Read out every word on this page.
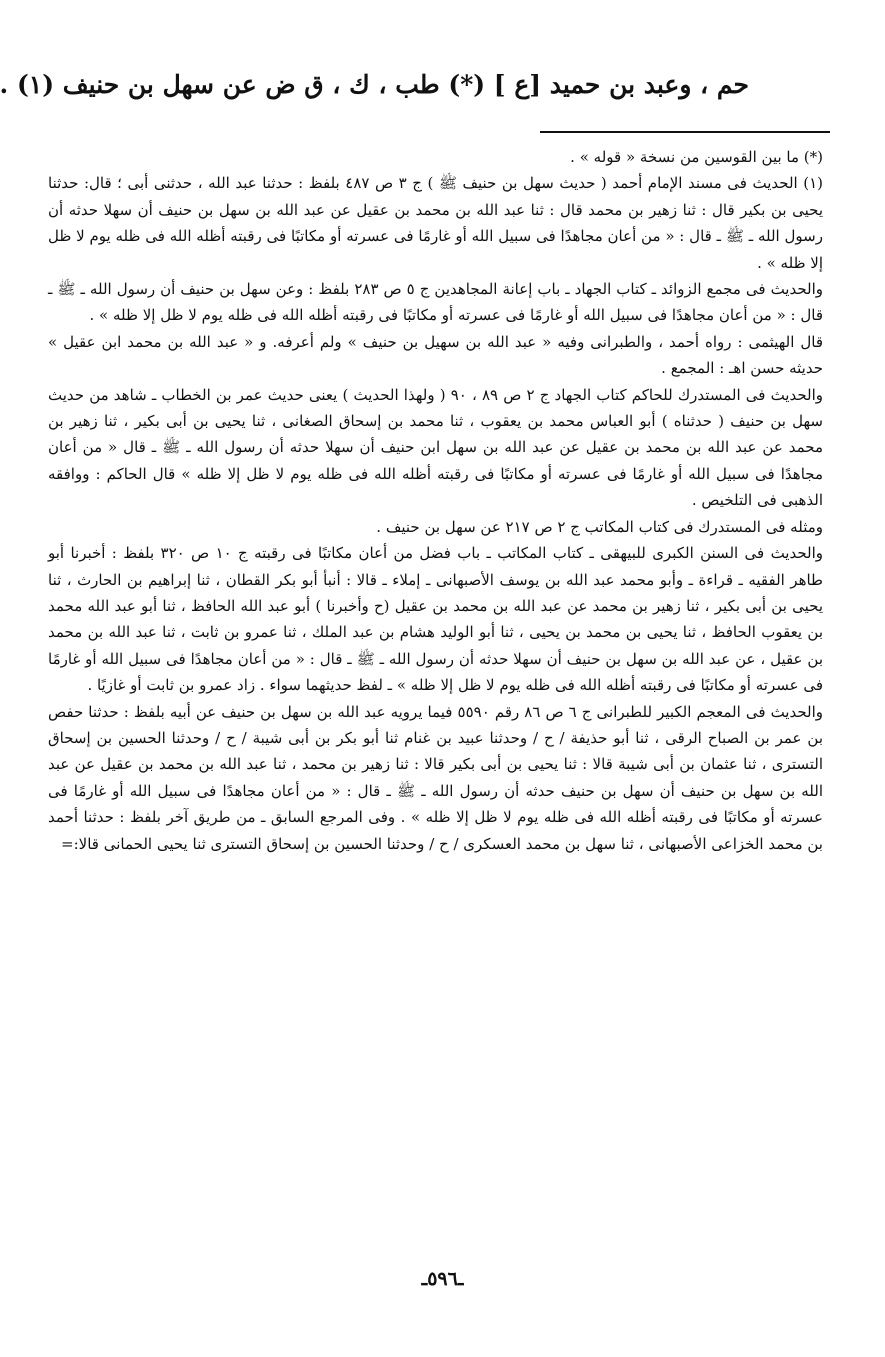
حم ، وعبد بن حميد [ع ] (*) طب ، ك ، ق ض عن سهل بن حنيف (١) .

(*) ما بين القوسين من نسخة « قوله » .

(١) الحديث فى مسند الإمام أحمد ( حديث سهل بن حنيف ﷺ ) ج ٣ ص ٤٨٧ بلفظ : حدثنا عبد الله ، حدثنى أبى ؛ قال: حدثنا يحيى بن بكير قال : ثنا زهير بن محمد قال : ثنا عبد الله بن محمد بن عقيل عن عبد الله بن سهل بن حنيف أن سهلا حدثه أن رسول الله ـ ﷺ ـ قال : « من أعان مجاهدًا فى سبيل الله أو غارمًا فى عسرته أو مكاتبًا فى رقبته أظله الله فى ظله يوم لا ظل إلا ظله » .

والحديث فى مجمع الزوائد ـ كتاب الجهاد ـ باب إعانة المجاهدين ج ٥ ص ٢٨٣ بلفظ : وعن سهل بن حنيف أن رسول الله ـ ﷺ ـ قال : « من أعان مجاهدًا فى سبيل الله أو غارمًا فى عسرته أو مكاتبًا فى رقبته أظله الله فى ظله يوم لا ظل إلا ظله » .

قال الهيثمى : رواه أحمد ، والطبرانى وفيه « عبد الله بن سهيل بن حنيف » ولم أعرفه. و « عبد الله بن محمد ابن عقيل » حديثه حسن اهـ : المجمع .

والحديث فى المستدرك للحاكم كتاب الجهاد ج ٢ ص ٨٩ ، ٩٠ ( ولهذا الحديث ) يعنى حديث عمر بن الخطاب ـ شاهد من حديث سهل بن حنيف ( حدثناه ) أبو العباس محمد بن يعقوب ، ثنا محمد بن إسحاق الصغانى ، ثنا يحيى بن أبى بكير ، ثنا زهير بن محمد عن عبد الله بن محمد بن عقيل عن عبد الله بن سهل ابن حنيف أن سهلا حدثه أن رسول الله ـ ﷺ ـ قال « من أعان مجاهدًا فى سبيل الله أو غارمًا فى عسرته أو مكاتبًا فى رقبته أظله الله فى ظله يوم لا ظل إلا ظله » قال الحاكم : ووافقه الذهبى فى التلخيص .

ومثله فى المستدرك فى كتاب المكاتب ج ٢ ص ٢١٧ عن سهل بن حنيف .

والحديث فى السنن الكبرى للبيهقى ـ كتاب المكاتب ـ باب فضل من أعان مكاتبًا فى رقبته ج ١٠ ص ٣٢٠ بلفظ : أخبرنا أبو طاهر الفقيه ـ قراءة ـ وأبو محمد عبد الله بن يوسف الأصبهانى ـ إملاء ـ قالا : أنبأ أبو بكر القطان ، ثنا إبراهيم بن الحارث ، ثنا يحيى بن أبى بكير ، ثنا زهير بن محمد عن عبد الله بن محمد بن عقيل (ح وأخبرنا ) أبو عبد الله الحافظ ، ثنا أبو عبد الله محمد بن يعقوب الحافظ ، ثنا يحيى بن محمد بن يحيى ، ثنا أبو الوليد هشام بن عبد الملك ، ثنا عمرو بن ثابت ، ثنا عبد الله بن محمد بن عقيل ، عن عبد الله بن سهل بن حنيف أن سهلا حدثه أن رسول الله ـ ﷺ ـ قال : « من أعان مجاهدًا فى سبيل الله أو غارمًا فى عسرته أو مكاتبًا فى رقبته أظله الله فى ظله يوم لا ظل إلا ظله » ـ لفظ حديثهما سواء . زاد عمرو بن ثابت أو غازيًا .

والحديث فى المعجم الكبير للطبرانى ج ٦ ص ٨٦ رقم ٥٥٩٠ فيما يرويه عبد الله بن سهل بن حنيف عن أبيه بلفظ : حدثنا حفص بن عمر بن الصباح الرقى ، ثنا أبو حذيفة / ح / وحدثنا عبيد بن غنام ثنا أبو بكر بن أبى شيبة / ح / وحدثنا الحسين بن إسحاق التسترى ، ثنا عثمان بن أبى شيبة قالا : ثنا يحيى بن أبى بكير قالا : ثنا زهير بن محمد ، ثنا عبد الله بن محمد بن عقيل عن عبد الله بن سهل بن حنيف أن سهل بن حنيف حدثه أن رسول الله ـ ﷺ ـ قال : « من أعان مجاهدًا فى سبيل الله أو غارمًا فى عسرته أو مكاتبًا فى رقبته أظله الله فى ظله يوم لا ظل إلا ظله » . وفى المرجع السابق ـ من طريق آخر بلفظ : حدثنا أحمد بن محمد الخزاعى الأصبهانى ، ثنا سهل بن محمد العسكرى / ح / وحدثنا الحسين بن إسحاق التسترى ثنا يحيى الحمانى قالا:=

ـ٥٩٦ـ
